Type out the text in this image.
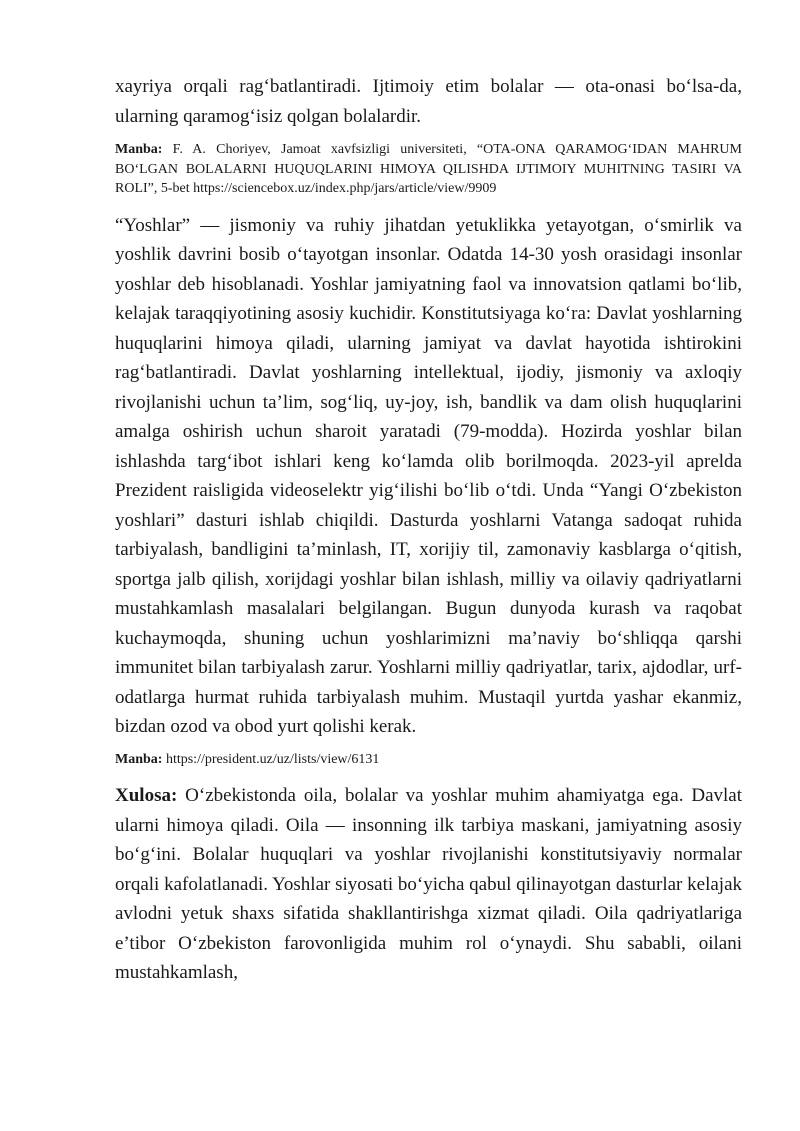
xayriya orqali rag‘batlantiradi. Ijtimoiy etim bolalar — ota-onasi bo‘lsa-da, ularning qaramog‘isiz qolgan bolalardir.

Manba: F. A. Choriyev, Jamoat xavfsizligi universiteti, “OTA-ONA QARAMOG‘IDAN MAHRUM BO‘LGAN BOLALARNI HUQUQLARINI HIMOYA QILISHDA IJTIMOIY MUHITNING TASIRI VA ROLI”, 5-bet https://sciencebox.uz/index.php/jars/article/view/9909

“Yoshlar” — jismoniy va ruhiy jihatdan yetuklikka yetayotgan, o‘smirlik va yoshlik davrini bosib o‘tayotgan insonlar. Odatda 14-30 yosh orasidagi insonlar yoshlar deb hisoblanadi. Yoshlar jamiyatning faol va innovatsion qatlami bo‘lib, kelajak taraqqiyotining asosiy kuchidir. Konstitutsiyaga ko‘ra: Davlat yoshlarning huquqlarini himoya qiladi, ularning jamiyat va davlat hayotida ishtirokini rag‘batlantiradi. Davlat yoshlarning intellektual, ijodiy, jismoniy va axloqiy rivojlanishi uchun ta’lim, sog‘liq, uy-joy, ish, bandlik va dam olish huquqlarini amalga oshirish uchun sharoit yaratadi (79-modda). Hozirda yoshlar bilan ishlashda targ‘ibot ishlari keng ko‘lamda olib borilmoqda. 2023-yil aprelda Prezident raisligida videoselektr yig‘ilishi bo‘lib o‘tdi. Unda “Yangi O‘zbekiston yoshlari” dasturi ishlab chiqildi. Dasturda yoshlarni Vatanga sadoqat ruhida tarbiyalash, bandligini ta’minlash, IT, xorijiy til, zamonaviy kasblarga o‘qitish, sportga jalb qilish, xorijdagi yoshlar bilan ishlash, milliy va oilaviy qadriyatlarni mustahkamlash masalalari belgilangan. Bugun dunyoda kurash va raqobat kuchaymoqda, shuning uchun yoshlarimizni ma’naviy bo‘shliqqa qarshi immunitet bilan tarbiyalash zarur. Yoshlarni milliy qadriyatlar, tarix, ajdodlar, urf-odatlarga hurmat ruhida tarbiyalash muhim. Mustaqil yurtda yashar ekanmiz, bizdan ozod va obod yurt qolishi kerak.

Manba: https://president.uz/uz/lists/view/6131

Xulosa: O‘zbekistonda oila, bolalar va yoshlar muhim ahamiyatga ega. Davlat ularni himoya qiladi. Oila — insonning ilk tarbiya maskani, jamiyatning asosiy bo‘g‘ini. Bolalar huquqlari va yoshlar rivojlanishi konstitutsiyaviy normalar orqali kafolatlanadi. Yoshlar siyosati bo‘yicha qabul qilinayotgan dasturlar kelajak avlodni yetuk shaxs sifatida shakllantirishga xizmat qiladi. Oila qadriyatlariga e’tibor O‘zbekiston farovonligida muhim rol o‘ynaydi. Shu sababli, oilani mustahkamlash,
